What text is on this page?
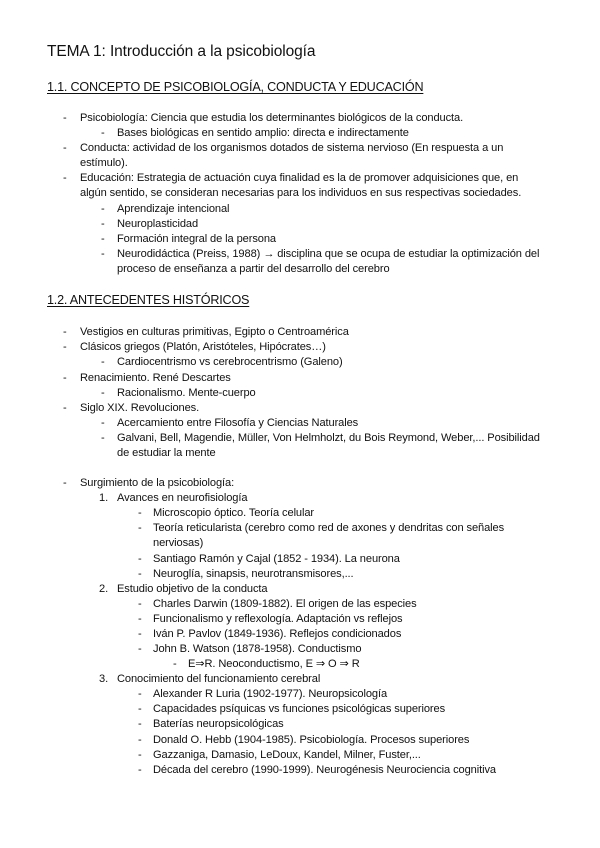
TEMA 1: Introducción a la psicobiología
1.1. CONCEPTO DE PSICOBIOLOGÍA, CONDUCTA Y EDUCACIÓN
- Psicobiología: Ciencia que estudia los determinantes biológicos de la conducta.
- Bases biológicas en sentido amplio: directa e indirectamente
- Conducta: actividad de los organismos dotados de sistema nervioso (En respuesta a un
estímulo).
- Educación: Estrategia de actuación cuya finalidad es la de promover adquisiciones que, en
algún sentido, se consideran necesarias para los individuos en sus respectivas sociedades.
- Aprendizaje intencional
- Neuroplasticidad
- Formación integral de la persona
- Neurodidáctica (Preiss, 1988) → disciplina que se ocupa de estudiar la optimización del
proceso de enseñanza a partir del desarrollo del cerebro
1.2. ANTECEDENTES HISTÓRICOS
- Vestigios en culturas primitivas, Egipto o Centroamérica
- Clásicos griegos (Platón, Aristóteles, Hipócrates…)
- Cardiocentrismo vs cerebrocentrismo (Galeno)
- Renacimiento. René Descartes
- Racionalismo. Mente-cuerpo
- Siglo XIX. Revoluciones.
- Acercamiento entre Filosofía y Ciencias Naturales
- Galvani, Bell, Magendie, Müller, Von Helmholzt, du Bois Reymond, Weber,... Posibilidad
de estudiar la mente
- Surgimiento de la psicobiología:
1. Avances en neurofisiología
- Microscopio óptico. Teoría celular
- Teoría reticularista (cerebro como red de axones y dendritas con señales
nerviosas)
- Santiago Ramón y Cajal (1852 - 1934). La neurona
- Neuroglía, sinapsis, neurotransmisores,...
2. Estudio objetivo de la conducta
- Charles Darwin (1809-1882). El origen de las especies
- Funcionalismo y reflexología. Adaptación vs reflejos
- Iván P. Pavlov (1849-1936). Reflejos condicionados
- John B. Watson (1878-1958). Conductismo
- E⇒R. Neoconductismo, E ⇒ O ⇒ R
3. Conocimiento del funcionamiento cerebral
- Alexander R Luria (1902-1977). Neuropsicología
- Capacidades psíquicas vs funciones psicológicas superiores
- Baterías neuropsicológicas
- Donald O. Hebb (1904-1985). Psicobiología. Procesos superiores
- Gazzaniga, Damasio, LeDoux, Kandel, Milner, Fuster,...
- Década del cerebro (1990-1999). Neurogénesis Neurociencia cognitiva
